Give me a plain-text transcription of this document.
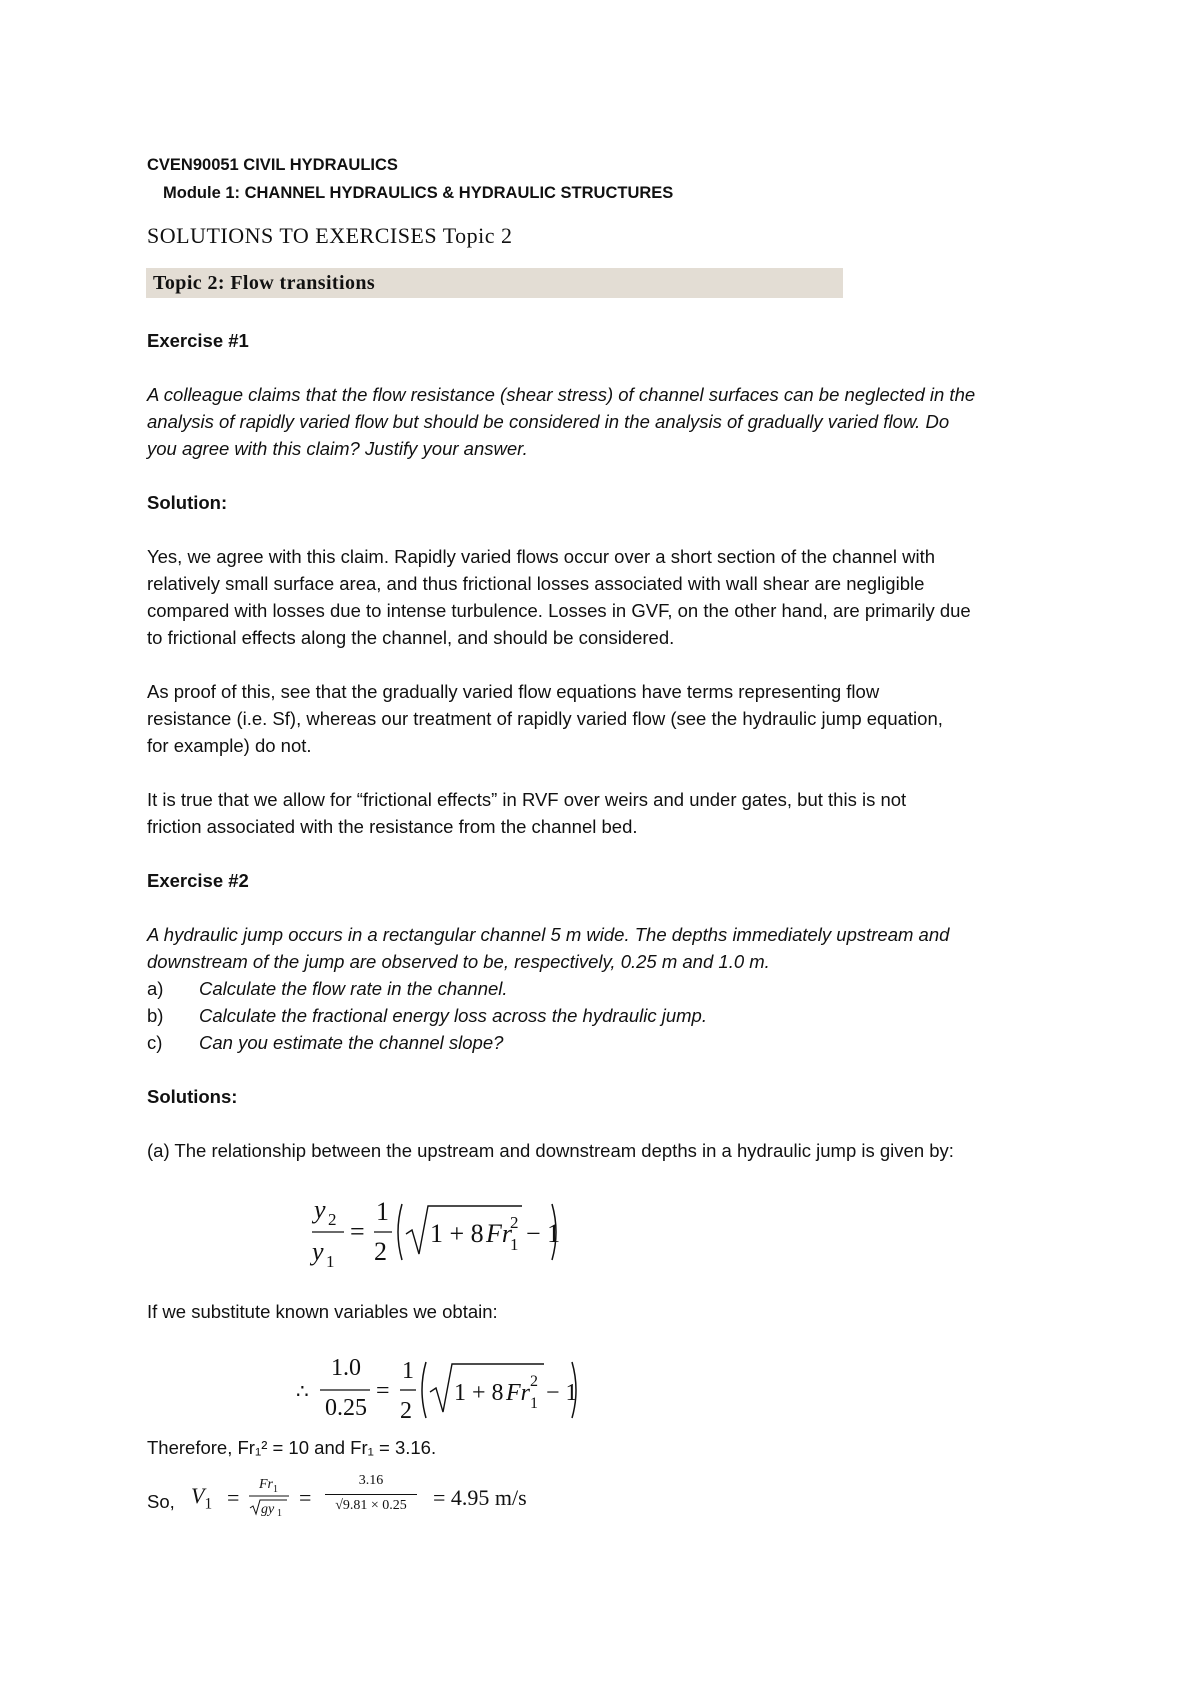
CVEN90051 CIVIL HYDRAULICS
Module 1: CHANNEL HYDRAULICS & HYDRAULIC STRUCTURES
SOLUTIONS TO EXERCISES Topic 2
Topic 2: Flow transitions
Exercise #1
A colleague claims that the flow resistance (shear stress) of channel surfaces can be neglected in the
analysis of rapidly varied flow but should be considered in the analysis of gradually varied flow. Do
you agree with this claim? Justify your answer.
Solution:
Yes, we agree with this claim. Rapidly varied flows occur over a short section of the channel with
relatively small surface area, and thus frictional losses associated with wall shear are negligible
compared with losses due to intense turbulence. Losses in GVF, on the other hand, are primarily due
to frictional effects along the channel, and should be considered.
As proof of this, see that the gradually varied flow equations have terms representing flow
resistance (i.e. Sf), whereas our treatment of rapidly varied flow (see the hydraulic jump equation,
for example) do not.
It is true that we allow for “frictional effects” in RVF over weirs and under gates, but this is not
friction associated with the resistance from the channel bed.
Exercise #2
A hydraulic jump occurs in a rectangular channel 5 m wide. The depths immediately upstream and
downstream of the jump are observed to be, respectively, 0.25 m and 1.0 m.
a) Calculate the flow rate in the channel.
b) Calculate the fractional energy loss across the hydraulic jump.
c) Can you estimate the channel slope?
Solutions:
(a) The relationship between the upstream and downstream depths in a hydraulic jump is given by:
y 2
y 1
=
1
2
1 + 8 Fr
2
1 − 1
If we substitute known variables we obtain:
∴	=
1
2
1 + 8 Fr 2
1 − 1
1.0
0.25
Therefore, Fr₁² = 10 and Fr₁ = 3.16.
So, $V_1$ =
Fr 1
gy 1
=
3.16
√9.81 × 0.25	= 4.95 m/s
